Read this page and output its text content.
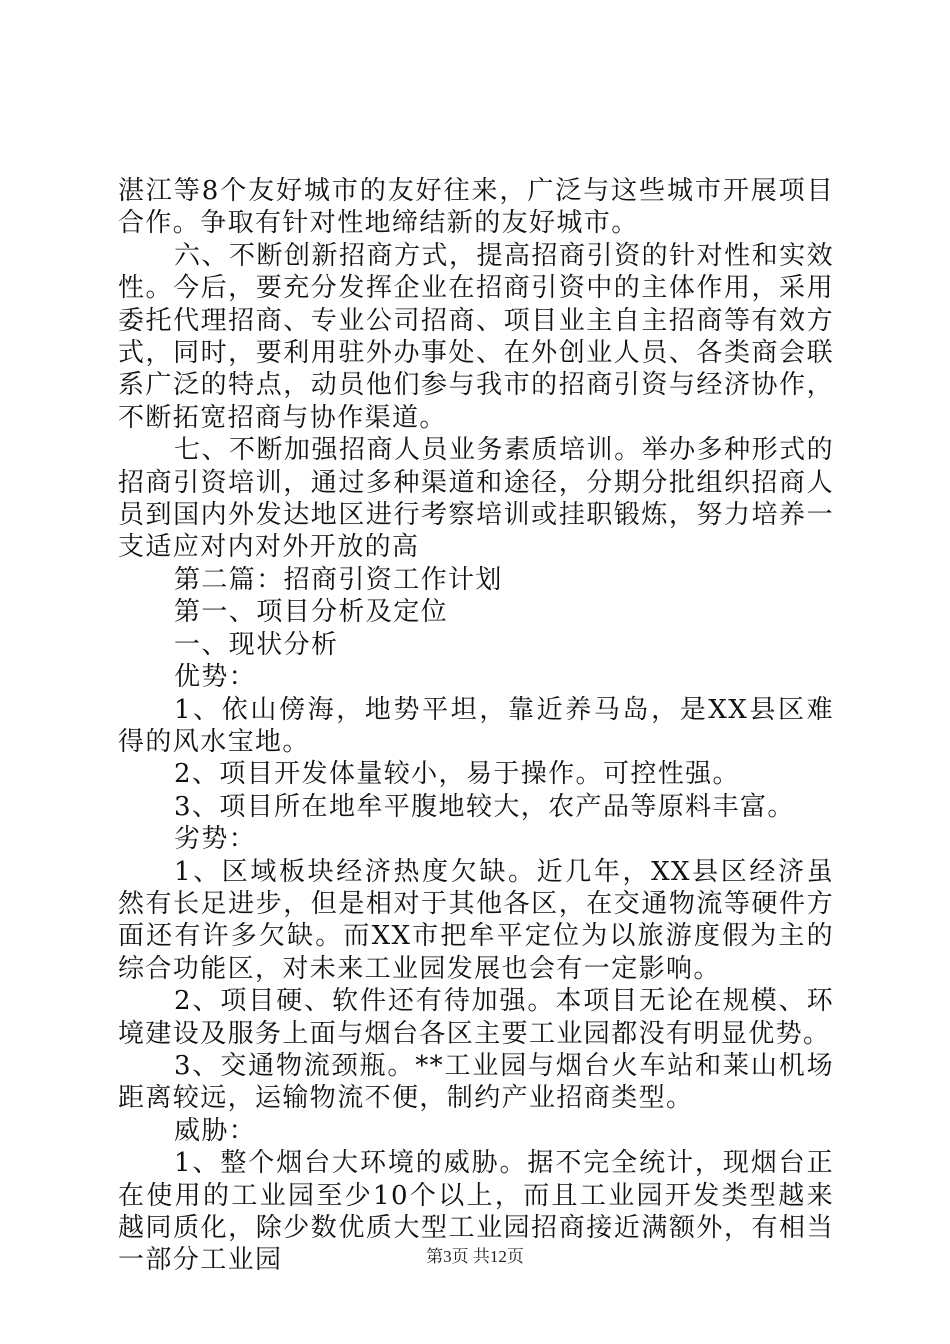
湛江等8个友好城市的友好往来，广泛与这些城市开展项目合作。争取有针对性地缔结新的友好城市。

六、不断创新招商方式，提高招商引资的针对性和实效性。今后，要充分发挥企业在招商引资中的主体作用，采用委托代理招商、专业公司招商、项目业主自主招商等有效方式，同时，要利用驻外办事处、在外创业人员、各类商会联系广泛的特点，动员他们参与我市的招商引资与经济协作，不断拓宽招商与协作渠道。

七、不断加强招商人员业务素质培训。举办多种形式的招商引资培训，通过多种渠道和途径，分期分批组织招商人员到国内外发达地区进行考察培训或挂职锻炼，努力培养一支适应对内对外开放的高

第二篇：招商引资工作计划

第一、项目分析及定位

一、现状分析

优势：

1、依山傍海，地势平坦，靠近养马岛，是XX县区难得的风水宝地。

2、项目开发体量较小，易于操作。可控性强。

3、项目所在地牟平腹地较大，农产品等原料丰富。

劣势：

1、区域板块经济热度欠缺。近几年，XX县区经济虽然有长足进步，但是相对于其他各区，在交通物流等硬件方面还有许多欠缺。而XX市把牟平定位为以旅游度假为主的综合功能区，对未来工业园发展也会有一定影响。

2、项目硬、软件还有待加强。本项目无论在规模、环境建设及服务上面与烟台各区主要工业园都没有明显优势。

3、交通物流颈瓶。**工业园与烟台火车站和莱山机场距离较远，运输物流不便，制约产业招商类型。

威胁：

1、整个烟台大环境的威胁。据不完全统计，现烟台正在使用的工业园至少10个以上，而且工业园开发类型越来越同质化，除少数优质大型工业园招商接近满额外，有相当一部分工业园	第3页 共12页
